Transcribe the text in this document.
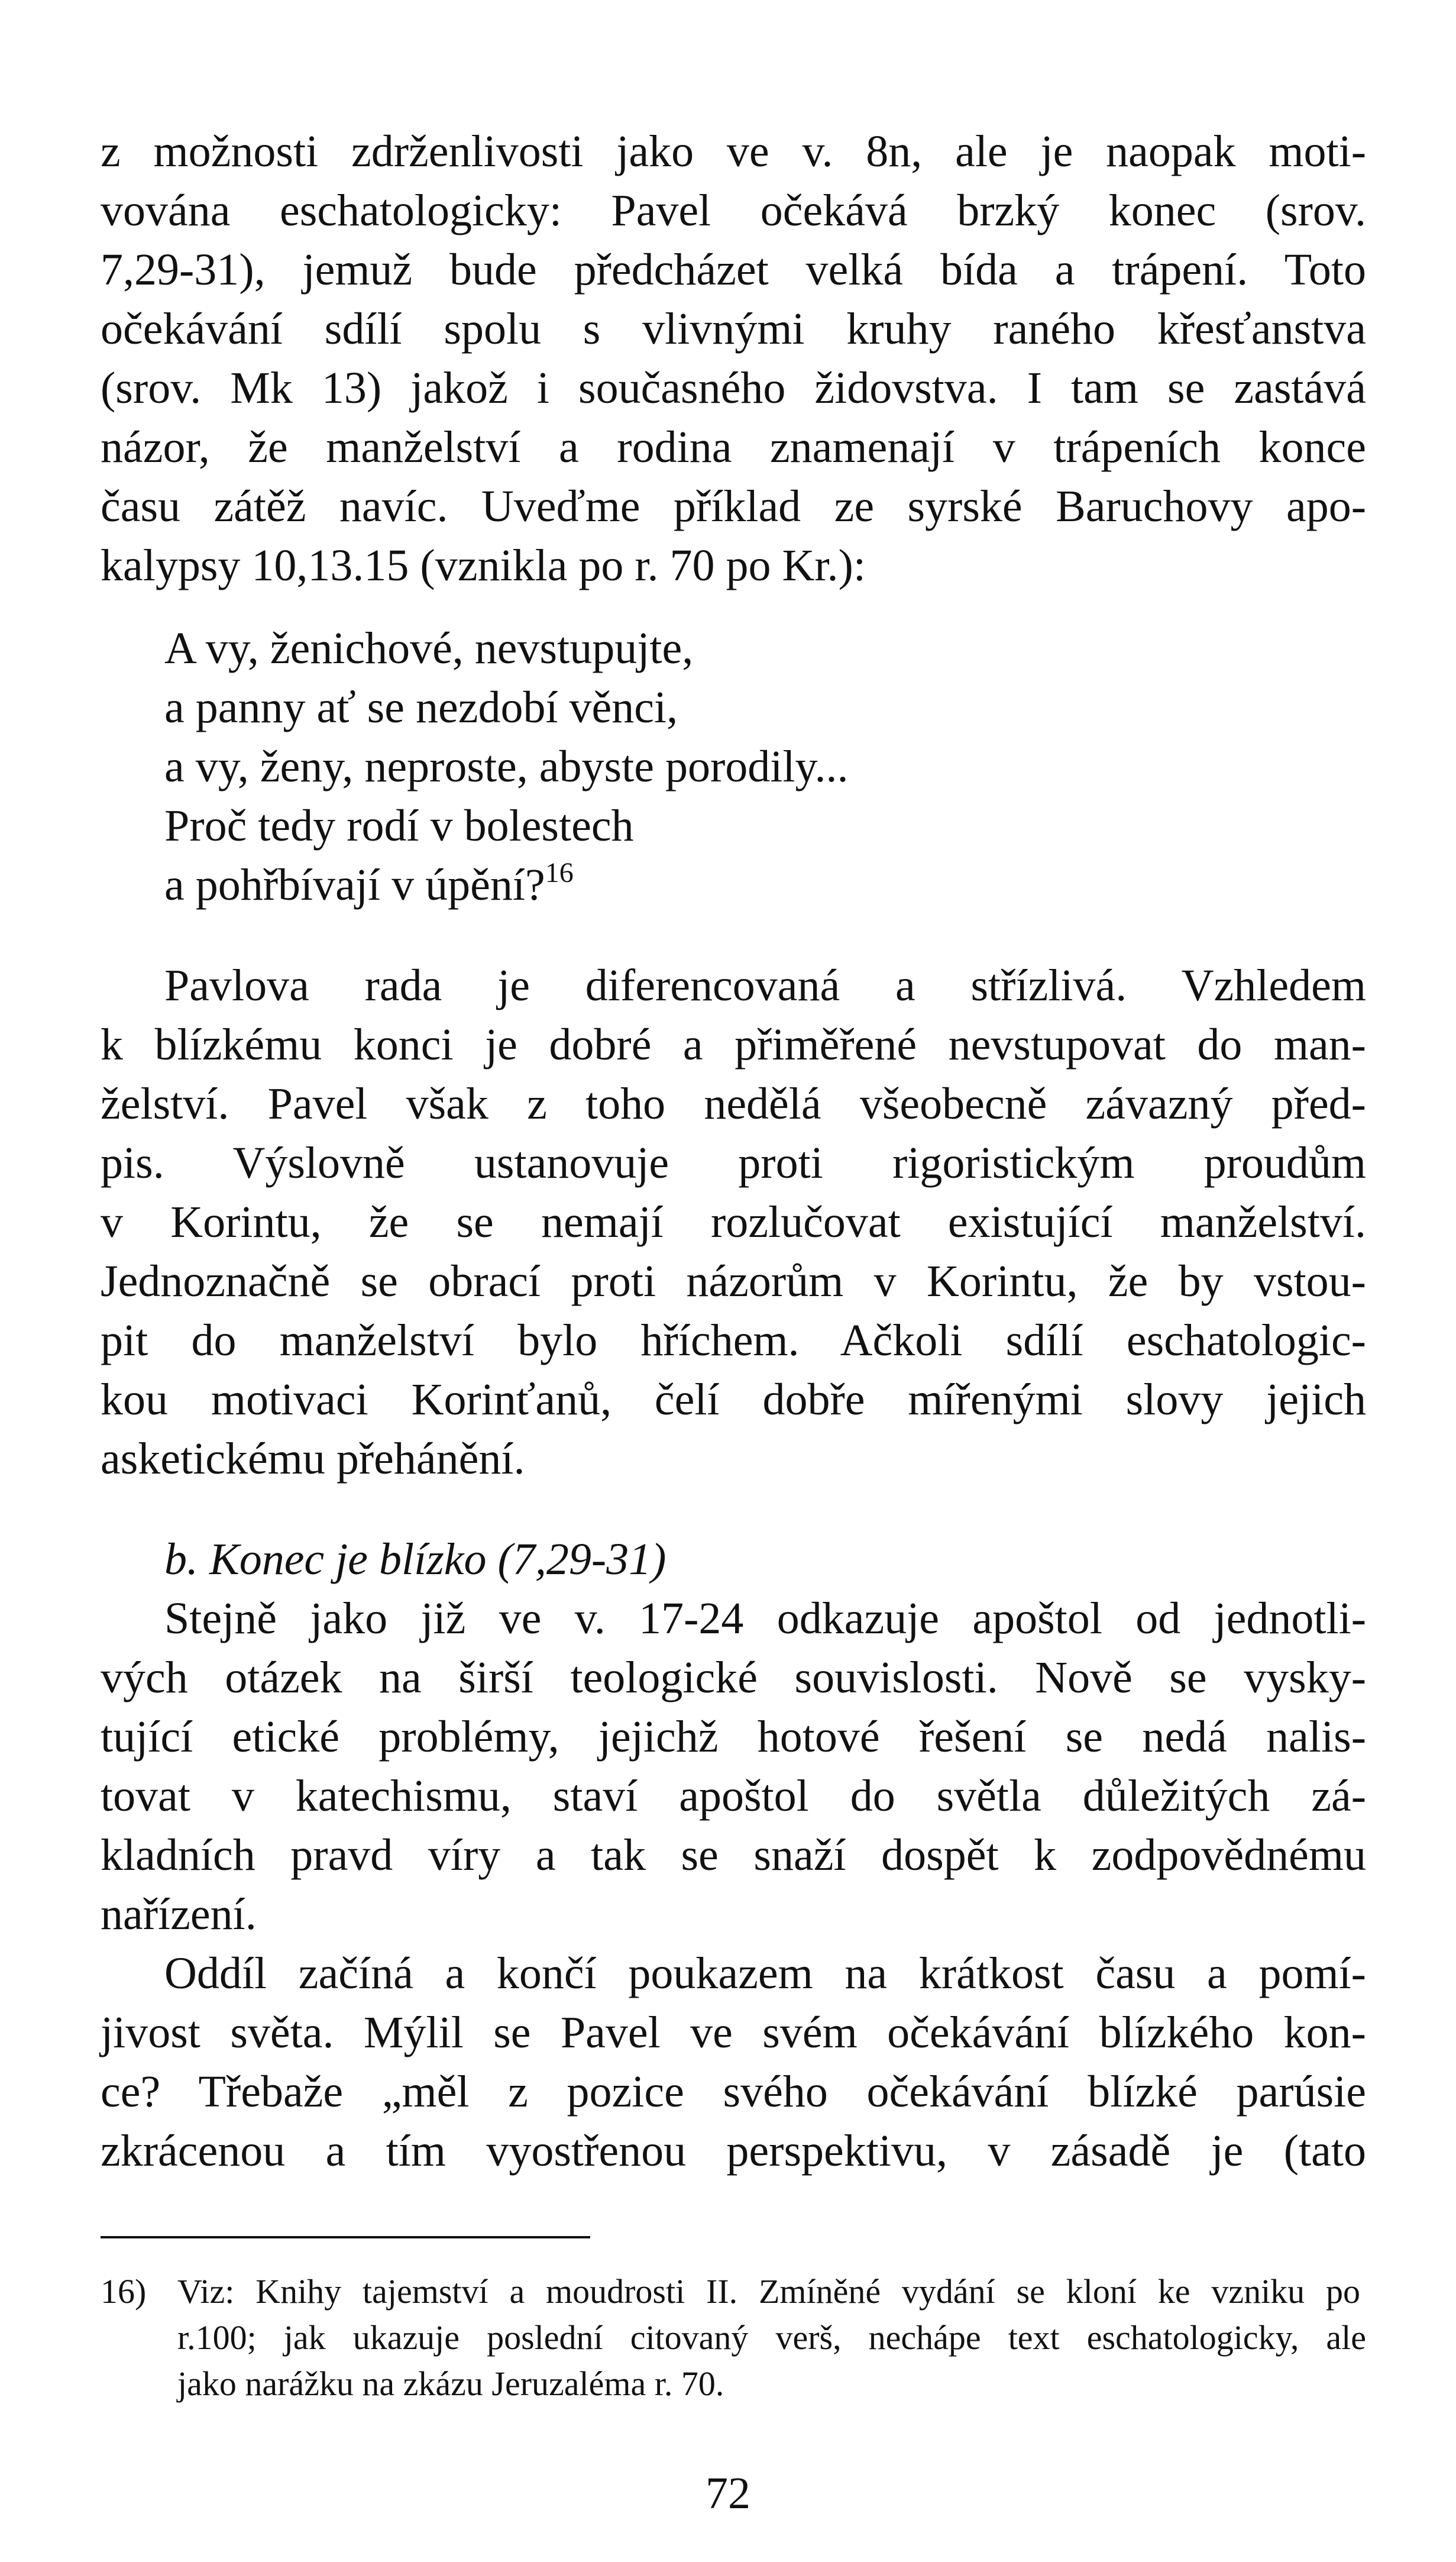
z možnosti zdrženlivosti jako ve v. 8n, ale je naopak moti-
vována eschatologicky: Pavel očekává brzký konec (srov.
7,29-31), jemuž bude předcházet velká bída a trápení. Toto
očekávání sdílí spolu s vlivnými kruhy raného křesťanstva
(srov. Mk 13) jakož i současného židovstva. I tam se zastává
názor, že manželství a rodina znamenají v trápeních konce
času zátěž navíc. Uveďme příklad ze syrské Baruchovy apo-
kalypsy 10,13.15 (vznikla po r. 70 po Kr.):
A vy, ženichové, nevstupujte,
a panny ať se nezdobí věnci,
a vy, ženy, neproste, abyste porodily...
Proč tedy rodí v bolestech
a pohřbívají v úpění?$^{16}$
Pavlova rada je diferencovaná a střízlivá. Vzhledem
k blízkému konci je dobré a přiměřené nevstupovat do man-
želství. Pavel však z toho nedělá všeobecně závazný před-
pis. Výslovně ustanovuje proti rigoristickým proudům
v Korintu, že se nemají rozlučovat existující manželství.
Jednoznačně se obrací proti názorům v Korintu, že by vstou-
pit do manželství bylo hříchem. Ačkoli sdílí eschatologic-
kou motivaci Korinťanů, čelí dobře mířenými slovy jejich
asketickému přehánění.
b. Konec je blízko (7,29-31)
Stejně jako již ve v. 17-24 odkazuje apoštol od jednotli-
vých otázek na širší teologické souvislosti. Nově se vysky-
tující etické problémy, jejichž hotové řešení se nedá nalis-
tovat v katechismu, staví apoštol do světla důležitých zá-
kladních pravd víry a tak se snaží dospět k zodpovědnému
nařízení.
Oddíl začíná a končí poukazem na krátkost času a pomí-
jivost světa. Mýlil se Pavel ve svém očekávání blízkého kon-
ce? Třebaže „měl z pozice svého očekávání blízké parúsie
zkrácenou a tím vyostřenou perspektivu, v zásadě je (tato
16) Viz: Knihy tajemství a moudrosti II. Zmíněné vydání se kloní ke vzniku po
r.100; jak ukazuje poslední citovaný verš, nechápe text eschatologicky, ale
jako narážku na zkázu Jeruzaléma r. 70.
72
